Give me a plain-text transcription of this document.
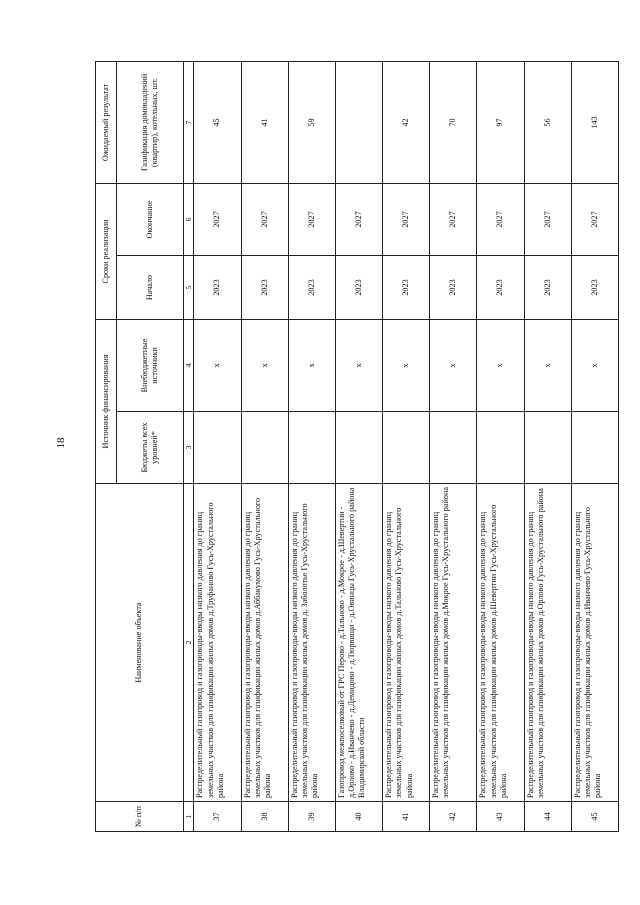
18
№ п/п	Наименование объекта	Источник финансирования		Сроки реализации		Ожидаемый результат
		Бюджеты всех уровней*	Внебюджетные источники	Начало	Окончание	Газификация домовладений (квартир), котельных, шт.
1	2	3	4	5	6	7
37	Распределительный газопровод и газопроводы-вводы низкого давления до границ земельных участков для газификации жилых домов д.Труфаново Гусь-Хрустального района		х	2023	2027	45
38	Распределительный газопровод и газопроводы-вводы низкого давления до границ земельных участков для газификации жилых домов д.Аббакумово Гусь-Хрустального района		х	2023	2027	41
39	Распределительный газопровод и газопроводы-вводы низкого давления до границ земельных участков для газификации жилых домов д. Заболотье Гусь-Хрустального района		х	2023	2027	59
40	Газопровод межпоселковый от ГРС Перово - д.Тальново - д.Мокрое - д.Шевертни - д.Орлово - д.Иванчево - д.Демидово - д.Тюрвищи - д.Овинцы Гусь-Хрустального района Владимирской области		х	2023	2027	
41	Распределительный газопровод и газопроводы-вводы низкого давления до границ земельных участков для газификации жилых домов д.Тальново Гусь-Хрустального района		х	2023	2027	42
42	Распределительный газопровод и газопроводы-вводы низкого давления до границ земельных участков для газификации жилых домов д.Мокрое Гусь-Хрустального района		х	2023	2027	70
43	Распределительный газопровод и газопроводы-вводы низкого давления до границ земельных участков для газификации жилых домов д.Шевертни Гусь-Хрустального района		х	2023	2027	97
44	Распределительный газопровод и газопроводы-вводы низкого давления до границ земельных участков для газификации жилых домов д.Орлово Гусь-Хрустального района		х	2023	2027	56
45	Распределительный газопровод и газопроводы-вводы низкого давления до границ земельных участков для газификации жилых домов д.Иванчево Гусь-Хрустального района		х	2023	2027	143
